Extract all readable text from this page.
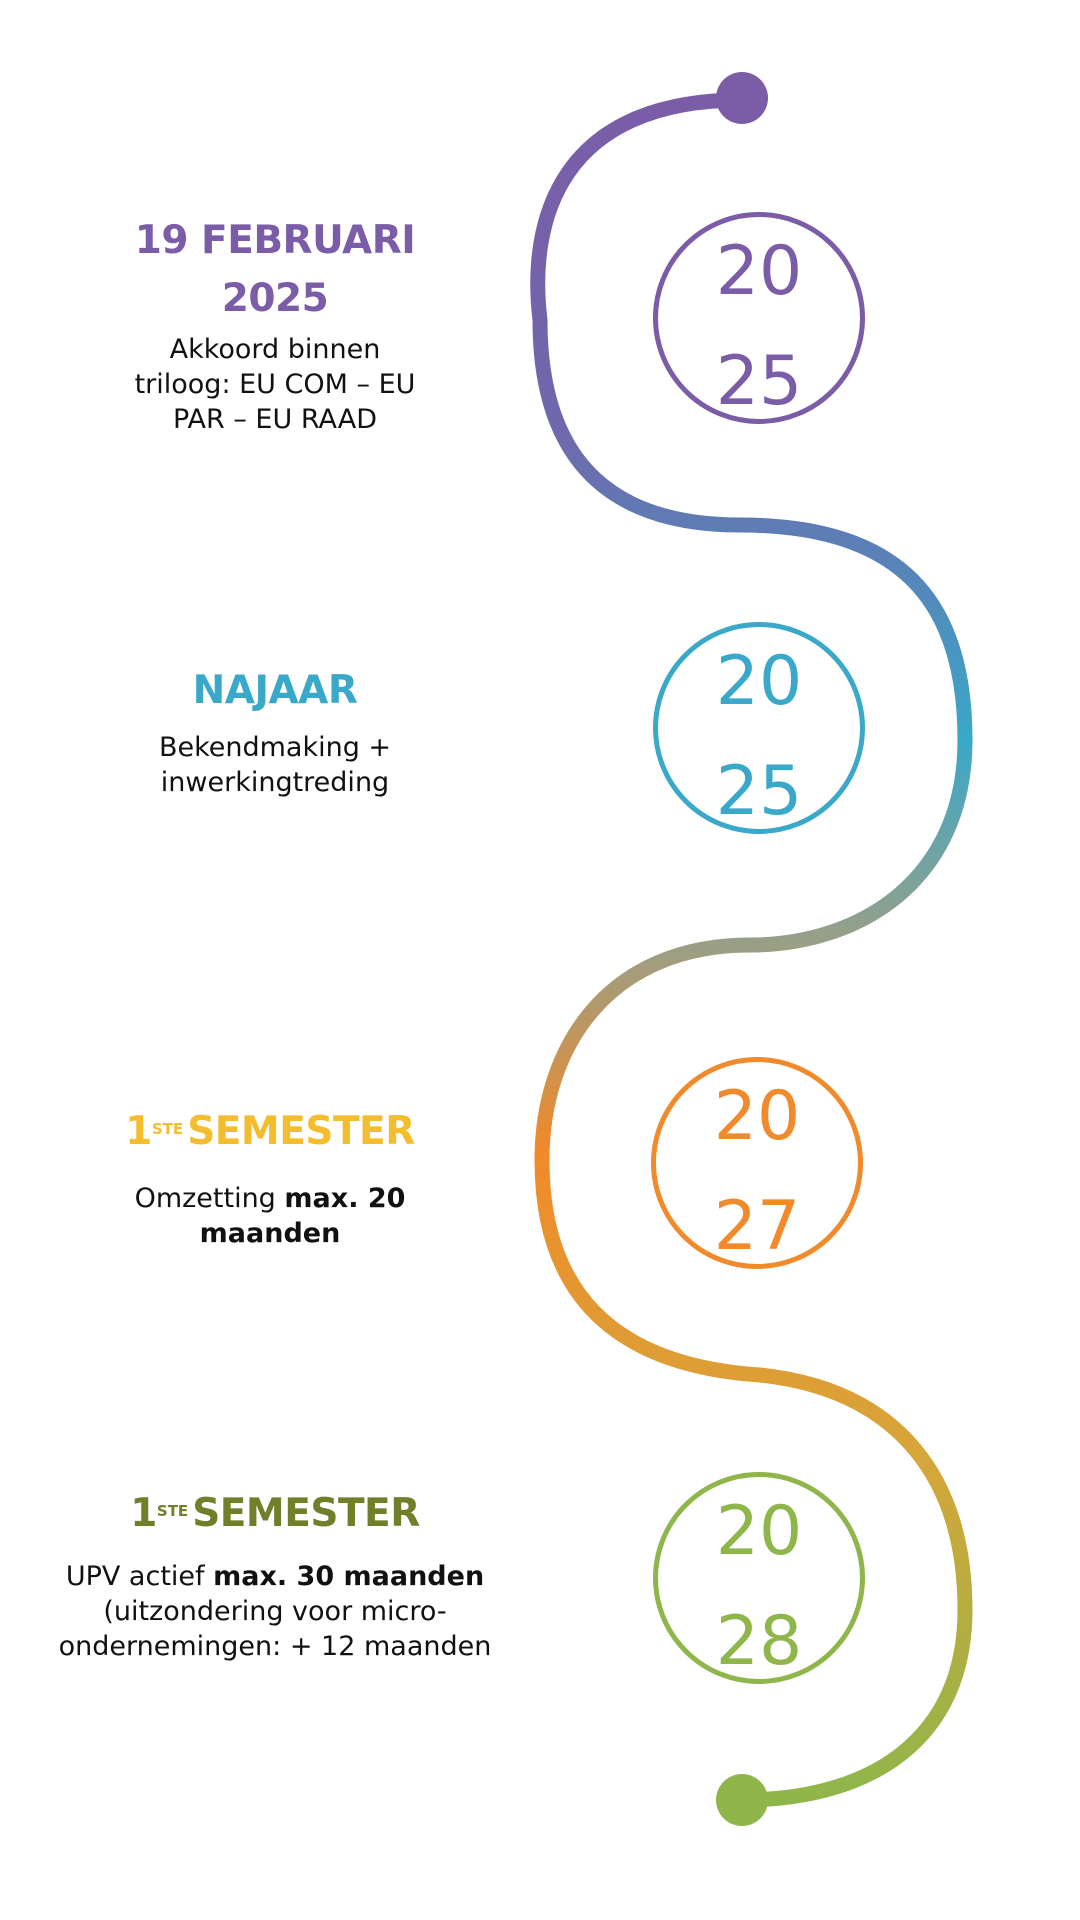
19 FEBRUARI
2025
Akkoord binnen
triloog: EU COM – EU
PAR – EU RAAD
20
25
NAJAAR
Bekendmaking +
inwerkingtreding
20
25
1STE SEMESTER
Omzetting max. 20
maanden
20
27
1STE SEMESTER
UPV actief max. 30 maanden
(uitzondering voor micro-
ondernemingen: + 12 maanden
20
28
